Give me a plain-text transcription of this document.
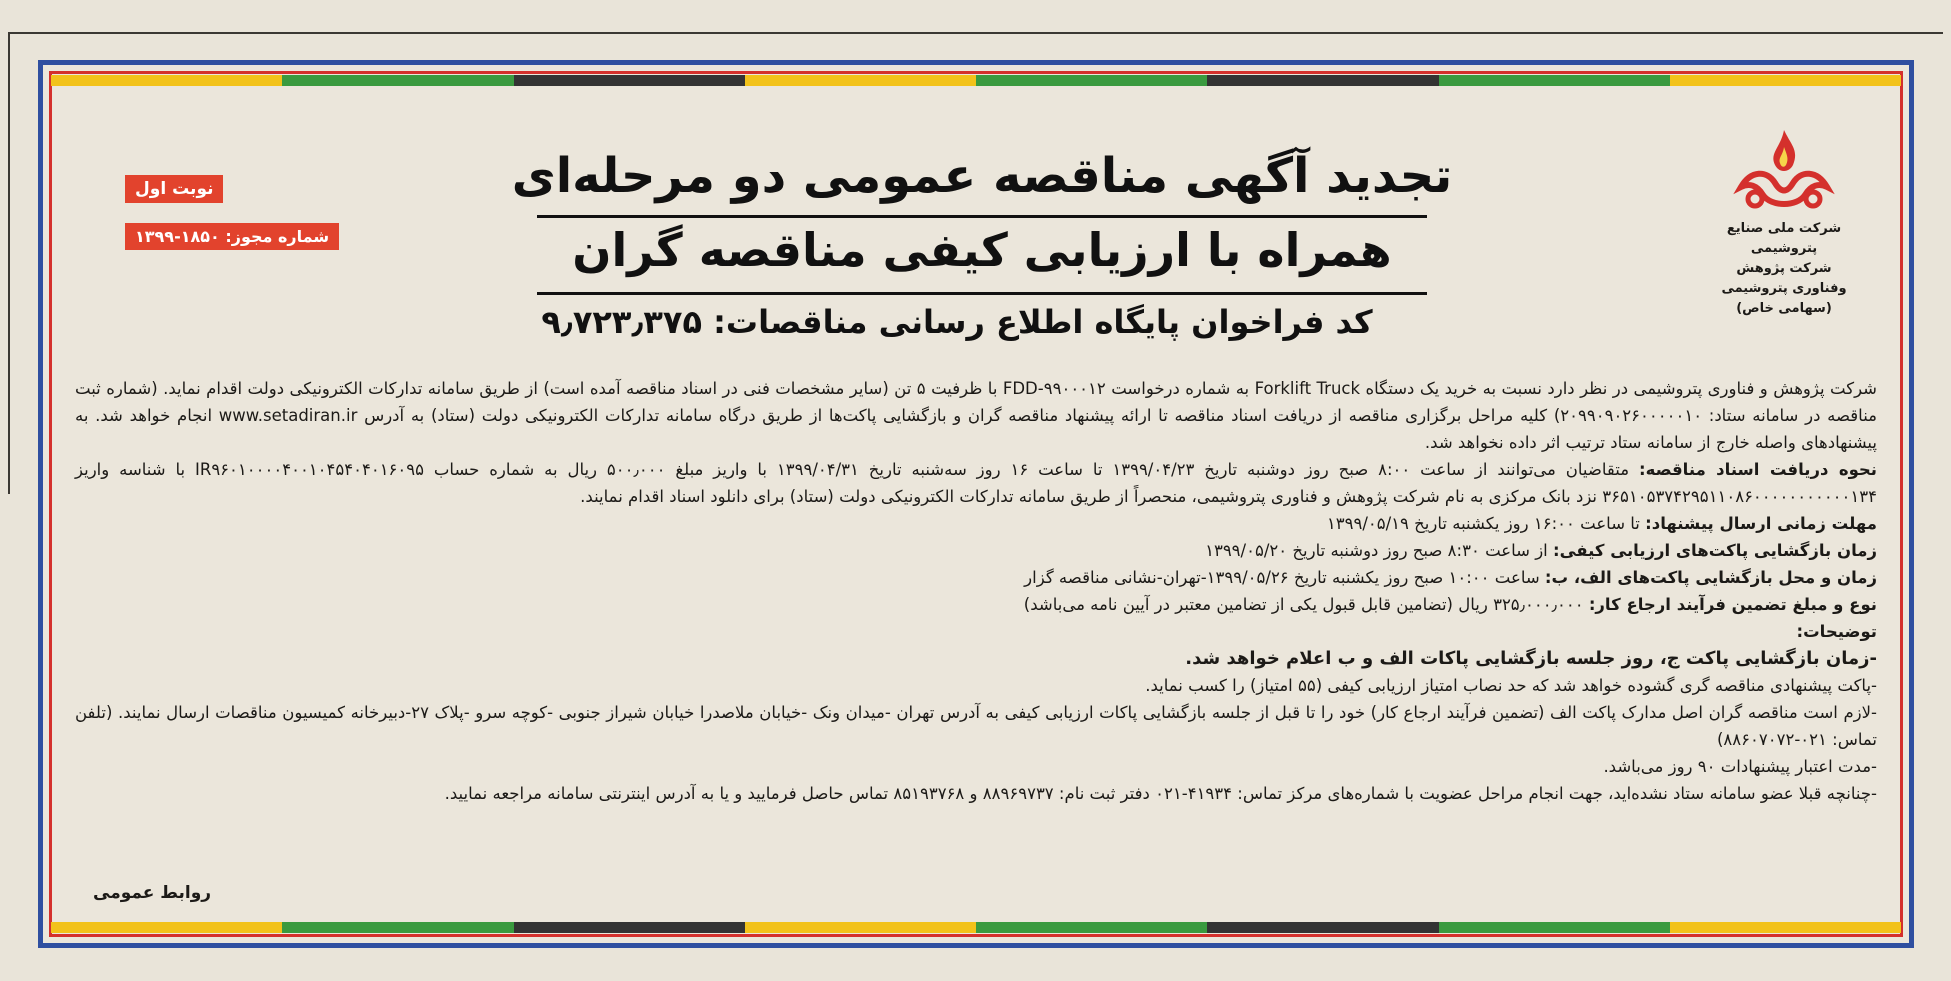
شرکت ملی صنایع پتروشیمی
شرکت پژوهش وفناوری پتروشیمی
(سهامی خاص)
نوبت اول
شماره مجوز: ۱۸۵۰-۱۳۹۹
تجدید آگهی مناقصه عمومی دو مرحله‌ای
همراه با ارزیابی کیفی مناقصه گران
کد فراخوان پایگاه اطلاع رسانی مناقصات: ۹٫۷۲۳٫۳۷۵

شرکت پژوهش و فناوری پتروشیمی در نظر دارد نسبت به خرید یک دستگاه Forklift Truck به شماره درخواست ۹۹۰۰۰۱۲-FDD با ظرفیت ۵ تن (سایر مشخصات فنی در اسناد مناقصه آمده است) از طریق سامانه تدارکات الکترونیکی دولت اقدام نماید. (شماره ثبت مناقصه در سامانه ستاد: ۲۰۹۹۰۹۰۲۶۰۰۰۰۰۱۰) کلیه مراحل برگزاری مناقصه از دریافت اسناد مناقصه تا ارائه پیشنهاد مناقصه گران و بازگشایی پاکت‌ها از طریق درگاه سامانه تدارکات الکترونیکی دولت (ستاد) به آدرس www.setadiran.ir انجام خواهد شد. به پیشنهادهای واصله خارج از سامانه ستاد ترتیب اثر داده نخواهد شد.

نحوه دریافت اسناد مناقصه: متقاضیان می‌توانند از ساعت ۸:۰۰ صبح روز دوشنبه تاریخ ۱۳۹۹/۰۴/۲۳ تا ساعت ۱۶ روز سه‌شنبه تاریخ ۱۳۹۹/۰۴/۳۱ با واریز مبلغ ۵۰۰٫۰۰۰ ریال به شماره حساب IR۹۶۰۱۰۰۰۰۴۰۰۱۰۴۵۴۰۴۰۱۶۰۹۵ با شناسه واریز ۳۶۵۱۰۵۳۷۴۲۹۵۱۱۰۸۶۰۰۰۰۰۰۰۰۰۰۰۱۳۴ نزد بانک مرکزی به نام شرکت پژوهش و فناوری پتروشیمی، منحصراً از طریق سامانه تدارکات الکترونیکی دولت (ستاد) برای دانلود اسناد اقدام نمایند.

مهلت زمانی ارسال پیشنهاد: تا ساعت ۱۶:۰۰ روز یکشنبه تاریخ ۱۳۹۹/۰۵/۱۹

زمان بازگشایی پاکت‌های ارزیابی کیفی: از ساعت ۸:۳۰ صبح روز دوشنبه تاریخ ۱۳۹۹/۰۵/۲۰

زمان و محل بازگشایی پاکت‌های الف، ب: ساعت ۱۰:۰۰ صبح روز یکشنبه تاریخ ۱۳۹۹/۰۵/۲۶-تهران-نشانی مناقصه گزار

نوع و مبلغ تضمین فرآیند ارجاع کار: ۳۲۵٫۰۰۰٫۰۰۰ ریال (تضامین قابل قبول یکی از تضامین معتبر در آیین نامه می‌باشد)

توضیحات:

-زمان بازگشایی پاکت ج، روز جلسه بازگشایی پاکات الف و ب اعلام خواهد شد.

-پاکت پیشنهادی مناقصه گری گشوده خواهد شد که حد نصاب امتیاز ارزیابی کیفی (۵۵ امتیاز) را کسب نماید.

-لازم است مناقصه گران اصل مدارک پاکت الف (تضمین فرآیند ارجاع کار) خود را تا قبل از جلسه بازگشایی پاکات ارزیابی کیفی به آدرس تهران -میدان ونک -خیابان ملاصدرا خیابان شیراز جنوبی -کوچه سرو -پلاک ۲۷-دبیرخانه کمیسیون مناقصات ارسال نمایند. (تلفن تماس: ۰۲۱-۸۸۶۰۷۰۷۲)

-مدت اعتبار پیشنهادات ۹۰ روز می‌باشد.

-چنانچه قبلا عضو سامانه ستاد نشده‌اید، جهت انجام مراحل عضویت با شماره‌های مرکز تماس: ۴۱۹۳۴-۰۲۱ دفتر ثبت نام: ۸۸۹۶۹۷۳۷ و ۸۵۱۹۳۷۶۸ تماس حاصل فرمایید و یا به آدرس اینترنتی سامانه مراجعه نمایید.

روابط عمومی
